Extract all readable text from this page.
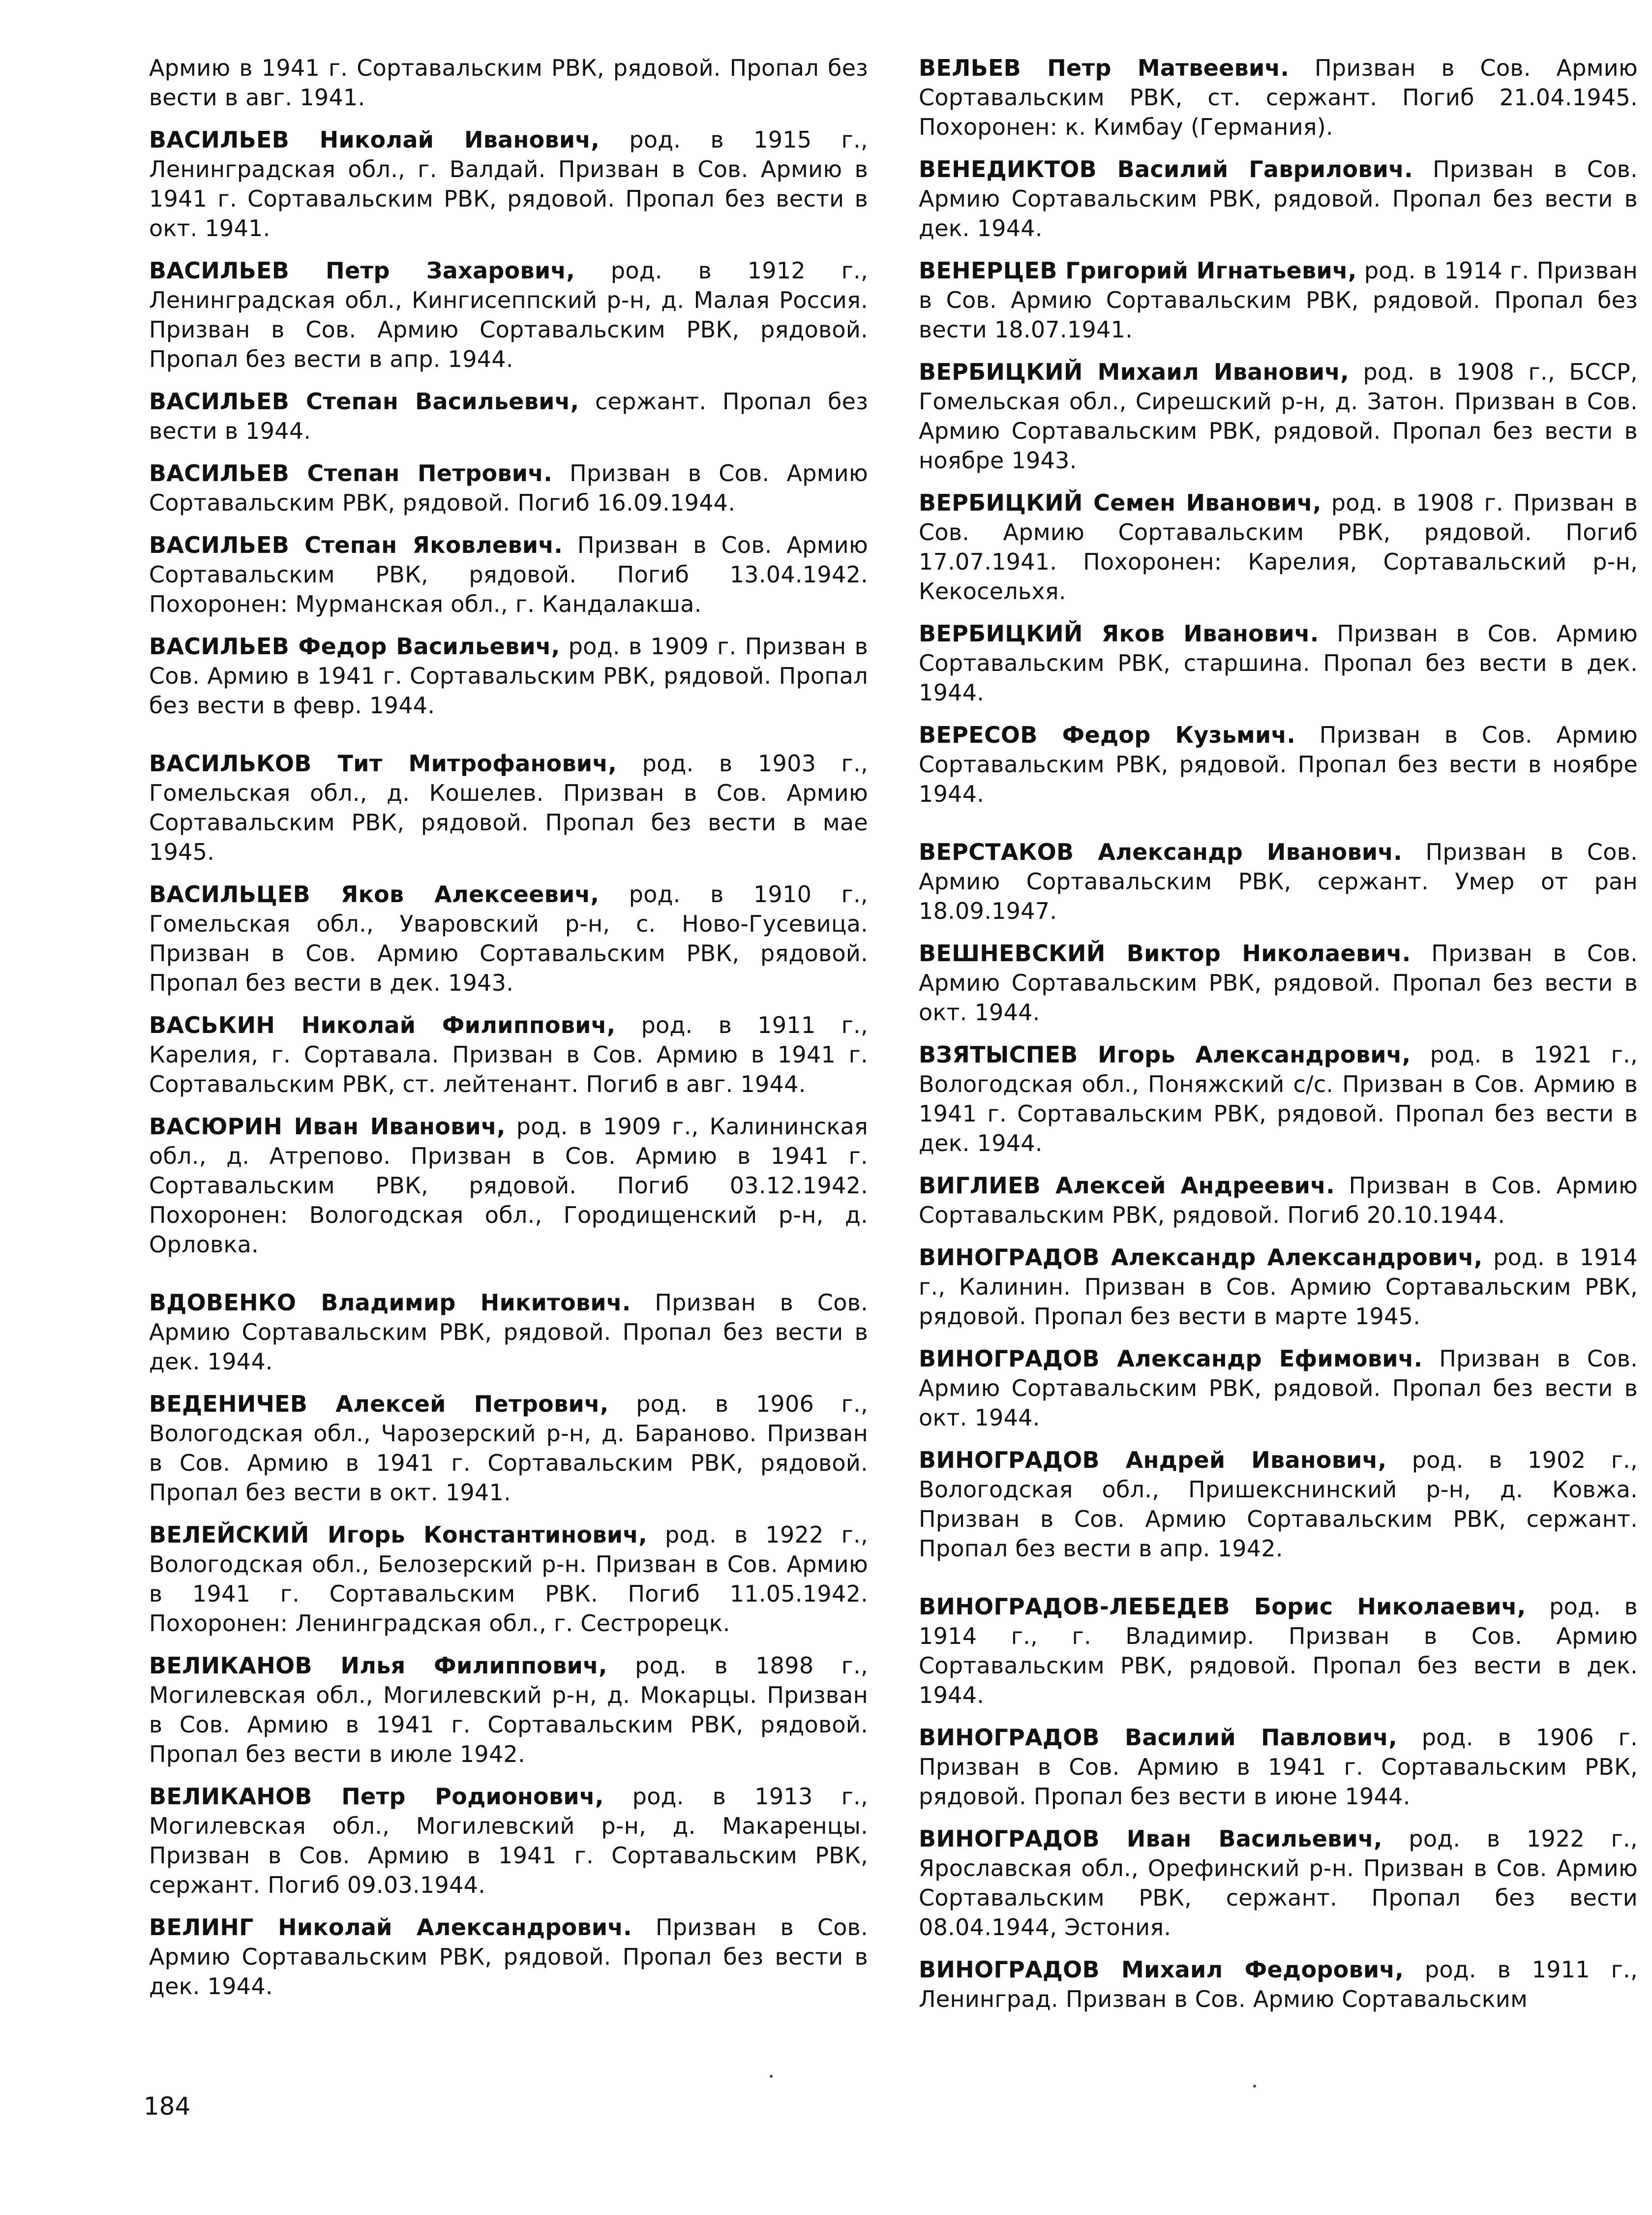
Армию в 1941 г. Сортавальским РВК, рядовой. Пропал без вести в авг. 1941.

ВАСИЛЬЕВ Николай Иванович, род. в 1915 г., Ленинградская обл., г. Валдай. Призван в Сов. Армию в 1941 г. Сортавальским РВК, рядовой. Пропал без вести в окт. 1941.

ВАСИЛЬЕВ Петр Захарович, род. в 1912 г., Ленинградская обл., Кингисеппский р-н, д. Малая Россия. Призван в Сов. Армию Сортавальским РВК, рядовой. Пропал без вести в апр. 1944.

ВАСИЛЬЕВ Степан Васильевич, сержант. Пропал без вести в 1944.

ВАСИЛЬЕВ Степан Петрович. Призван в Сов. Армию Сортавальским РВК, рядовой. Погиб 16.09.1944.

ВАСИЛЬЕВ Степан Яковлевич. Призван в Сов. Армию Сортавальским РВК, рядовой. Погиб 13.04.1942. Похоронен: Мурманская обл., г. Кандалакша.

ВАСИЛЬЕВ Федор Васильевич, род. в 1909 г. Призван в Сов. Армию в 1941 г. Сортавальским РВК, рядовой. Пропал без вести в февр. 1944.

ВАСИЛЬКОВ Тит Митрофанович, род. в 1903 г., Гомельская обл., д. Кошелев. Призван в Сов. Армию Сортавальским РВК, рядовой. Пропал без вести в мае 1945.

ВАСИЛЬЦЕВ Яков Алексеевич, род. в 1910 г., Гомельская обл., Уваровский р-н, с. Ново-Гусевица. Призван в Сов. Армию Сортавальским РВК, рядовой. Пропал без вести в дек. 1943.

ВАСЬКИН Николай Филиппович, род. в 1911 г., Карелия, г. Сортавала. Призван в Сов. Армию в 1941 г. Сортавальским РВК, ст. лейтенант. Погиб в авг. 1944.

ВАСЮРИН Иван Иванович, род. в 1909 г., Калининская обл., д. Атрепово. Призван в Сов. Армию в 1941 г. Сортавальским РВК, рядовой. Погиб 03.12.1942. Похоронен: Вологодская обл., Городищенский р-н, д. Орловка.

ВДОВЕНКО Владимир Никитович. Призван в Сов. Армию Сортавальским РВК, рядовой. Пропал без вести в дек. 1944.

ВЕДЕНИЧЕВ Алексей Петрович, род. в 1906 г., Вологодская обл., Чарозерский р-н, д. Бараново. Призван в Сов. Армию в 1941 г. Сортавальским РВК, рядовой. Пропал без вести в окт. 1941.

ВЕЛЕЙСКИЙ Игорь Константинович, род. в 1922 г., Вологодская обл., Белозерский р-н. Призван в Сов. Армию в 1941 г. Сортавальским РВК. Погиб 11.05.1942. Похоронен: Ленинградская обл., г. Сестрорецк.

ВЕЛИКАНОВ Илья Филиппович, род. в 1898 г., Могилевская обл., Могилевский р-н, д. Мокарцы. Призван в Сов. Армию в 1941 г. Сортавальским РВК, рядовой. Пропал без вести в июле 1942.

ВЕЛИКАНОВ Петр Родионович, род. в 1913 г., Могилевская обл., Могилевский р-н, д. Макаренцы. Призван в Сов. Армию в 1941 г. Сортавальским РВК, сержант. Погиб 09.03.1944.

ВЕЛИНГ Николай Александрович. Призван в Сов. Армию Сортавальским РВК, рядовой. Пропал без вести в дек. 1944.

ВЕЛЬЕВ Петр Матвеевич. Призван в Сов. Армию Сортавальским РВК, ст. сержант. Погиб 21.04.1945. Похоронен: к. Кимбау (Германия).

ВЕНЕДИКТОВ Василий Гаврилович. Призван в Сов. Армию Сортавальским РВК, рядовой. Пропал без вести в дек. 1944.

ВЕНЕРЦЕВ Григорий Игнатьевич, род. в 1914 г. Призван в Сов. Армию Сортавальским РВК, рядовой. Пропал без вести 18.07.1941.

ВЕРБИЦКИЙ Михаил Иванович, род. в 1908 г., БССР, Гомельская обл., Сирешский р-н, д. Затон. Призван в Сов. Армию Сортавальским РВК, рядовой. Пропал без вести в ноябре 1943.

ВЕРБИЦКИЙ Семен Иванович, род. в 1908 г. Призван в Сов. Армию Сортавальским РВК, рядовой. Погиб 17.07.1941. Похоронен: Карелия, Сортавальский р-н, Кекосельхя.

ВЕРБИЦКИЙ Яков Иванович. Призван в Сов. Армию Сортавальским РВК, старшина. Пропал без вести в дек. 1944.

ВЕРЕСОВ Федор Кузьмич. Призван в Сов. Армию Сортавальским РВК, рядовой. Пропал без вести в ноябре 1944.

ВЕРСТАКОВ Александр Иванович. Призван в Сов. Армию Сортавальским РВК, сержант. Умер от ран 18.09.1947.

ВЕШНЕВСКИЙ Виктор Николаевич. Призван в Сов. Армию Сортавальским РВК, рядовой. Пропал без вести в окт. 1944.

ВЗЯТЫСПЕВ Игорь Александрович, род. в 1921 г., Вологодская обл., Поняжский с/с. Призван в Сов. Армию в 1941 г. Сортавальским РВК, рядовой. Пропал без вести в дек. 1944.

ВИГЛИЕВ Алексей Андреевич. Призван в Сов. Армию Сортавальским РВК, рядовой. Погиб 20.10.1944.

ВИНОГРАДОВ Александр Александрович, род. в 1914 г., Калинин. Призван в Сов. Армию Сортавальским РВК, рядовой. Пропал без вести в марте 1945.

ВИНОГРАДОВ Александр Ефимович. Призван в Сов. Армию Сортавальским РВК, рядовой. Пропал без вести в окт. 1944.

ВИНОГРАДОВ Андрей Иванович, род. в 1902 г., Вологодская обл., Пришекснинский р-н, д. Ковжа. Призван в Сов. Армию Сортавальским РВК, сержант. Пропал без вести в апр. 1942.

ВИНОГРАДОВ-ЛЕБЕДЕВ Борис Николаевич, род. в 1914 г., г. Владимир. Призван в Сов. Армию Сортавальским РВК, рядовой. Пропал без вести в дек. 1944.

ВИНОГРАДОВ Василий Павлович, род. в 1906 г. Призван в Сов. Армию в 1941 г. Сортавальским РВК, рядовой. Пропал без вести в июне 1944.

ВИНОГРАДОВ Иван Васильевич, род. в 1922 г., Ярославская обл., Орефинский р-н. Призван в Сов. Армию Сортавальским РВК, сержант. Пропал без вести 08.04.1944, Эстония.

ВИНОГРАДОВ Михаил Федорович, род. в 1911 г., Ленинград. Призван в Сов. Армию Сортавальским

184
